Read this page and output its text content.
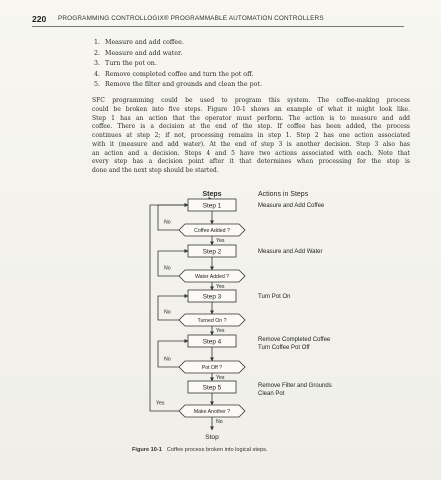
220 PROGRAMMING CONTROLLOGIX® PROGRAMMABLE AUTOMATION CONTROLLERS
1. Measure and add coffee.
2. Measure and add water.
3. Turn the pot on.
4. Remove completed coffee and turn the pot off.
5. Remove the filter and grounds and clean the pot.
SFC programming could be used to program this system. The coffee-making process
could be broken into five steps. Figure 10-1 shows an example of what it might look like.
Step 1 has an action that the operator must perform. The action is to measure and add
coffee. There is a decision at the end of the step. If coffee has been added, the process
continues at step 2; if not, processing remains in step 1. Step 2 has one action associated
with it (measure and add water). At the end of step 3 is another decision. Step 3 also has
an action and a decision. Steps 4 and 5 have two actions associated with each. Note that
every step has a decision point after it that determines when processing for the step is
done and the next step should be started.
Steps	Actions in Steps
Step 1	Measure and Add Coffee
Coffee Added ?
No
Yes
Step 2	Measure and Add Water
Water Added ?
No
Yes
Step 3	Turn Pot On
Turned On ?
No
Yes
Step 4	Remove Completed Coffee
Turn Coffee Pot Off
Pot Off ?
No
Yes
Step 5	Remove Filter and Grounds
Clean Pot
Make Another ?
Yes
No
Stop
Figure 10-1 Coffee process broken into logical steps.
